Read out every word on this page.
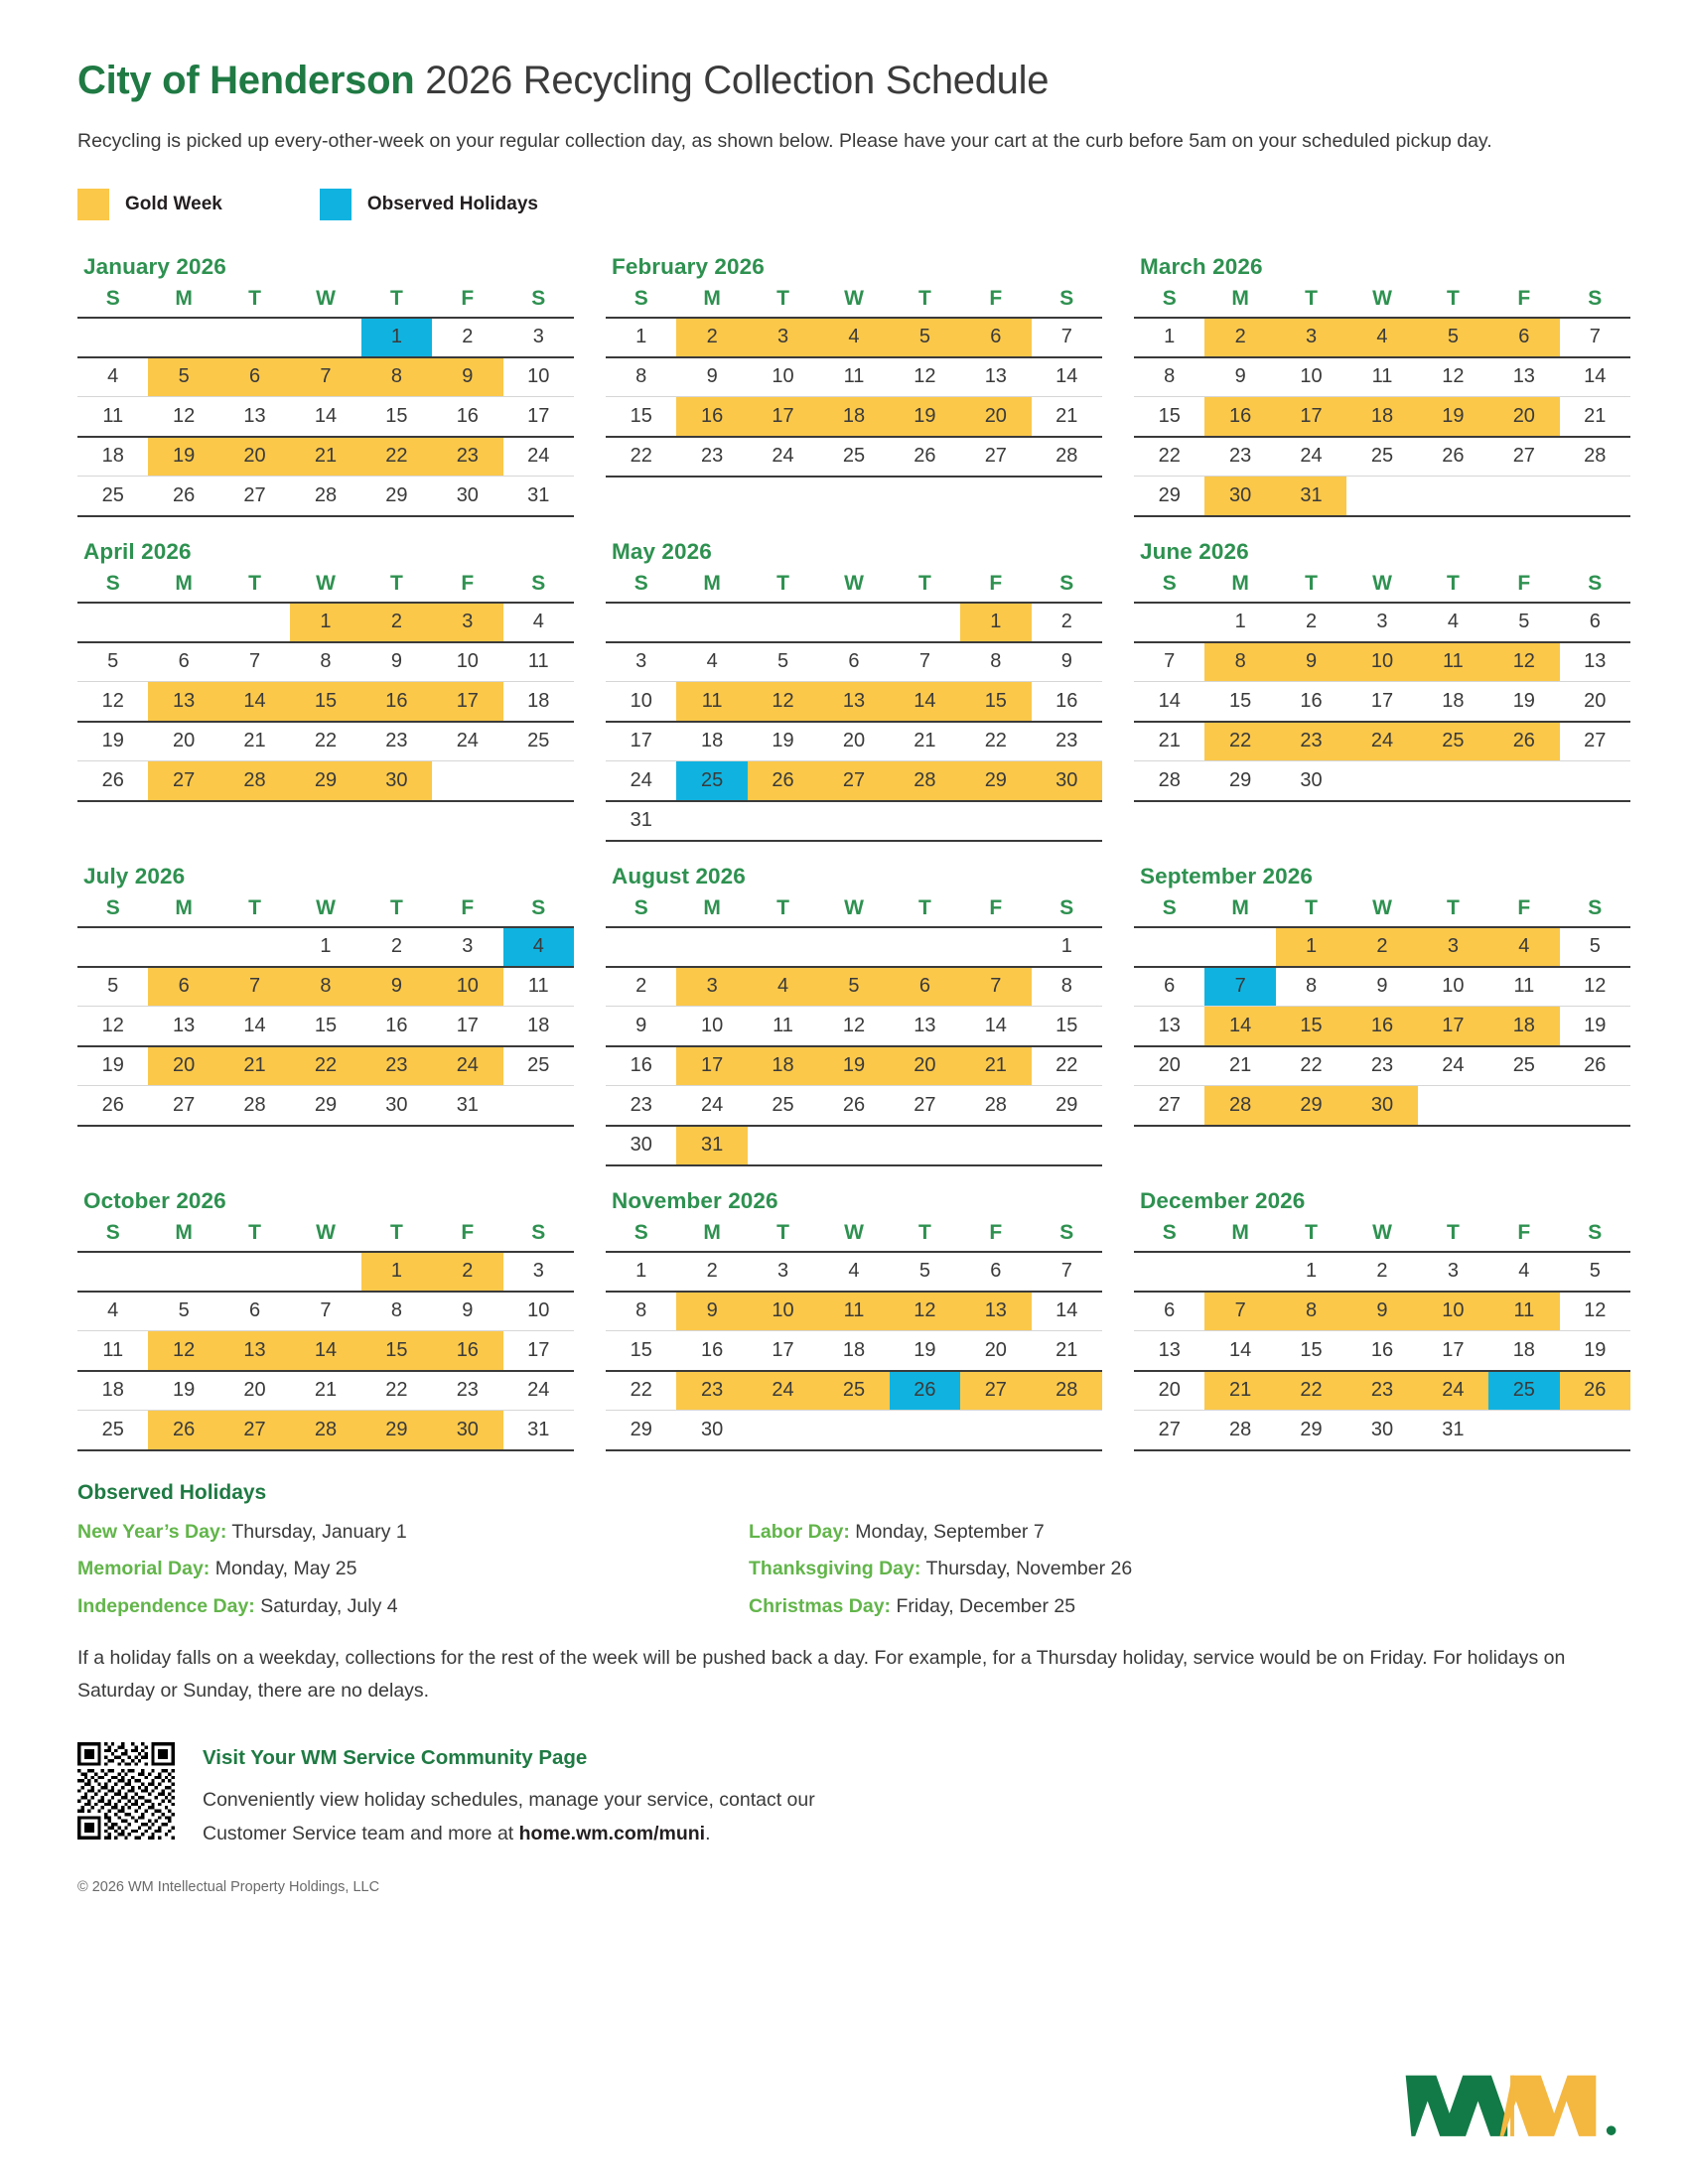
City of Henderson 2026 Recycling Collection Schedule

Recycling is picked up every-other-week on your regular collection day, as shown below. Please have your cart at the curb before 5am on your scheduled pickup day.

Gold Week	Observed Holidays
January 2026
S	M	T	W	T	F	S
				1	2	3
4	5	6	7	8	9	10
11	12	13	14	15	16	17
18	19	20	21	22	23	24
25	26	27	28	29	30	31
February 2026
S	M	T	W	T	F	S
1	2	3	4	5	6	7
8	9	10	11	12	13	14
15	16	17	18	19	20	21
22	23	24	25	26	27	28
March 2026
S	M	T	W	T	F	S
1	2	3	4	5	6	7
8	9	10	11	12	13	14
15	16	17	18	19	20	21
22	23	24	25	26	27	28
29	30	31				
April 2026
S	M	T	W	T	F	S
			1	2	3	4
5	6	7	8	9	10	11
12	13	14	15	16	17	18
19	20	21	22	23	24	25
26	27	28	29	30		
May 2026
S	M	T	W	T	F	S
					1	2
3	4	5	6	7	8	9
10	11	12	13	14	15	16
17	18	19	20	21	22	23
24	25	26	27	28	29	30
31						
June 2026
S	M	T	W	T	F	S
	1	2	3	4	5	6
7	8	9	10	11	12	13
14	15	16	17	18	19	20
21	22	23	24	25	26	27
28	29	30				
July 2026
S	M	T	W	T	F	S
			1	2	3	4
5	6	7	8	9	10	11
12	13	14	15	16	17	18
19	20	21	22	23	24	25
26	27	28	29	30	31	
August 2026
S	M	T	W	T	F	S
						1
2	3	4	5	6	7	8
9	10	11	12	13	14	15
16	17	18	19	20	21	22
23	24	25	26	27	28	29
30	31					
September 2026
S	M	T	W	T	F	S
		1	2	3	4	5
6	7	8	9	10	11	12
13	14	15	16	17	18	19
20	21	22	23	24	25	26
27	28	29	30			
October 2026
S	M	T	W	T	F	S
				1	2	3
4	5	6	7	8	9	10
11	12	13	14	15	16	17
18	19	20	21	22	23	24
25	26	27	28	29	30	31
November 2026
S	M	T	W	T	F	S
1	2	3	4	5	6	7
8	9	10	11	12	13	14
15	16	17	18	19	20	21
22	23	24	25	26	27	28
29	30					
December 2026
S	M	T	W	T	F	S
		1	2	3	4	5
6	7	8	9	10	11	12
13	14	15	16	17	18	19
20	21	22	23	24	25	26
27	28	29	30	31		
Observed Holidays
New Year’s Day: Thursday, January 1	Labor Day: Monday, September 7
Memorial Day: Monday, May 25	Thanksgiving Day: Thursday, November 26
Independence Day: Saturday, July 4	Christmas Day: Friday, December 25

If a holiday falls on a weekday, collections for the rest of the week will be pushed back a day. For example, for a Thursday holiday, service would be on Friday. For holidays on Saturday or Sunday, there are no delays.

Visit Your WM Service Community Page
Conveniently view holiday schedules, manage your service, contact our
Customer Service team and more at home.wm.com/muni.
© 2026 WM Intellectual Property Holdings, LLC
